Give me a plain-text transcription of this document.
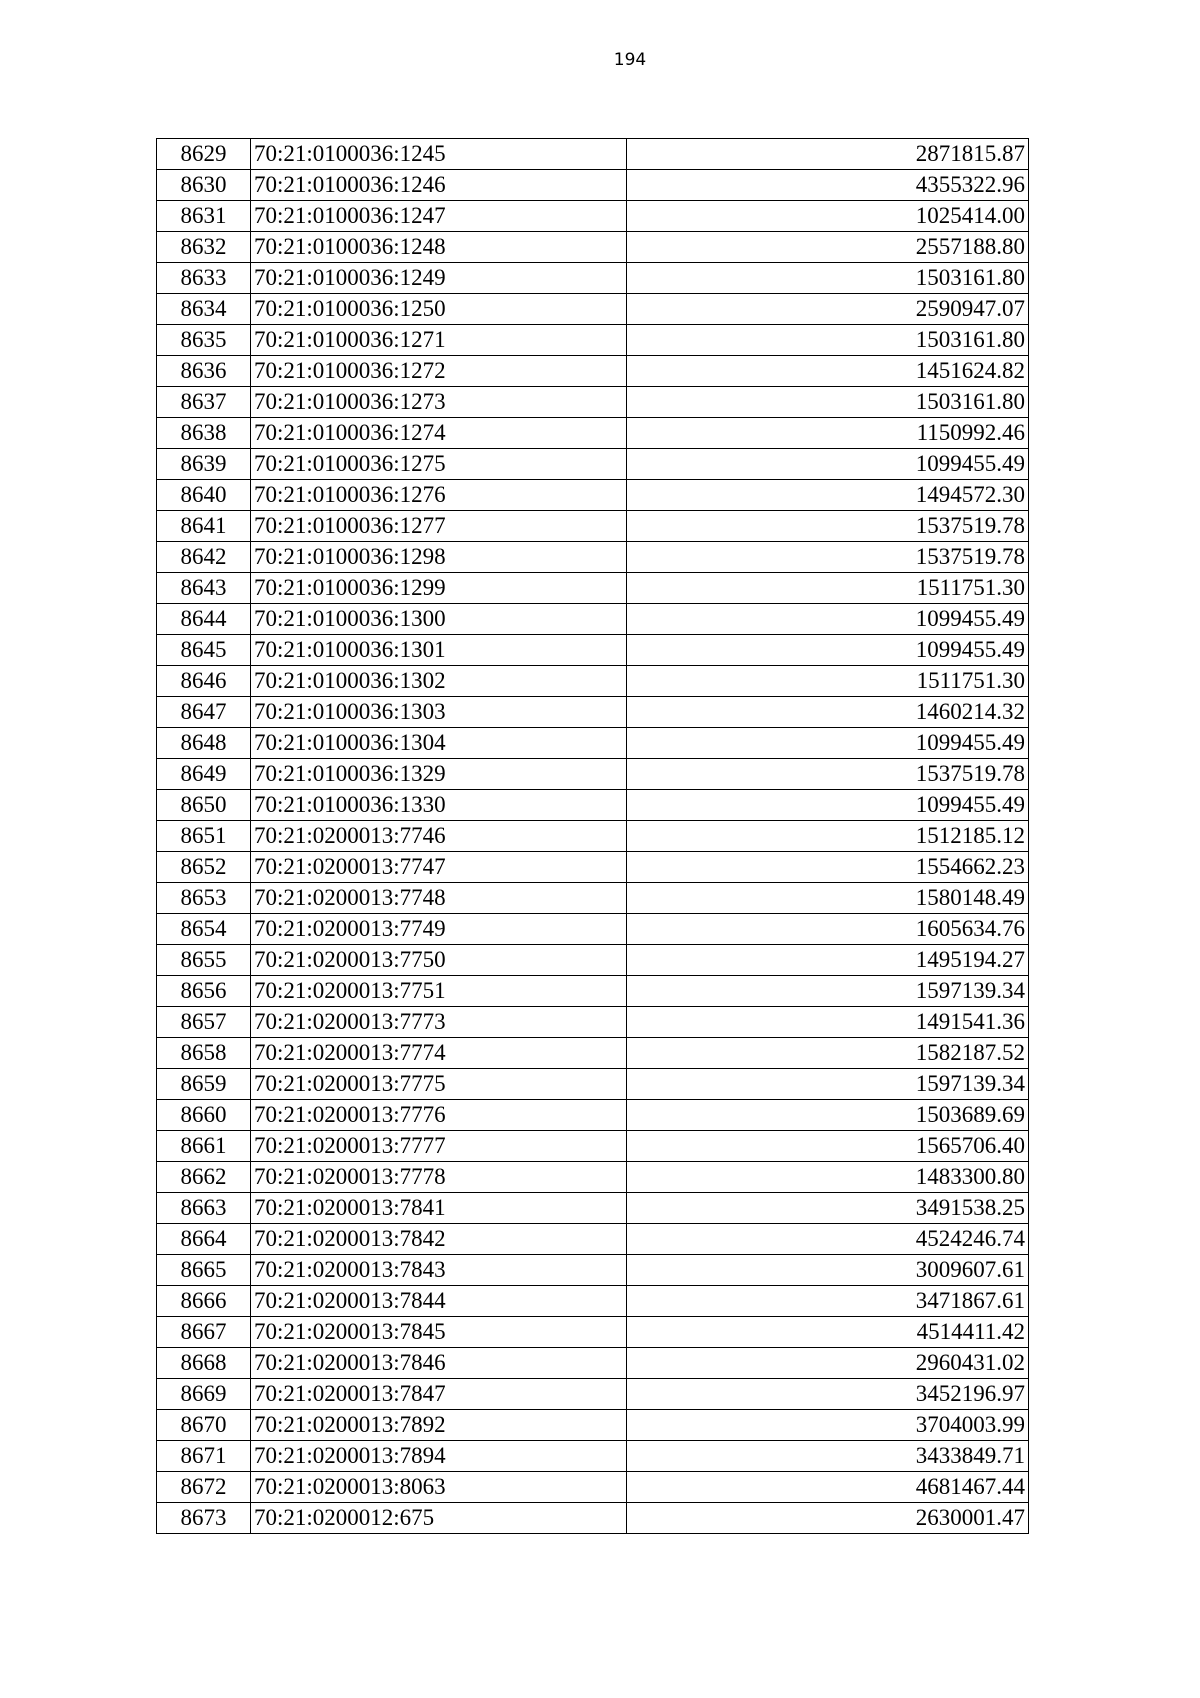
194
8629	70:21:0100036:1245	2871815.87
8630	70:21:0100036:1246	4355322.96
8631	70:21:0100036:1247	1025414.00
8632	70:21:0100036:1248	2557188.80
8633	70:21:0100036:1249	1503161.80
8634	70:21:0100036:1250	2590947.07
8635	70:21:0100036:1271	1503161.80
8636	70:21:0100036:1272	1451624.82
8637	70:21:0100036:1273	1503161.80
8638	70:21:0100036:1274	1150992.46
8639	70:21:0100036:1275	1099455.49
8640	70:21:0100036:1276	1494572.30
8641	70:21:0100036:1277	1537519.78
8642	70:21:0100036:1298	1537519.78
8643	70:21:0100036:1299	1511751.30
8644	70:21:0100036:1300	1099455.49
8645	70:21:0100036:1301	1099455.49
8646	70:21:0100036:1302	1511751.30
8647	70:21:0100036:1303	1460214.32
8648	70:21:0100036:1304	1099455.49
8649	70:21:0100036:1329	1537519.78
8650	70:21:0100036:1330	1099455.49
8651	70:21:0200013:7746	1512185.12
8652	70:21:0200013:7747	1554662.23
8653	70:21:0200013:7748	1580148.49
8654	70:21:0200013:7749	1605634.76
8655	70:21:0200013:7750	1495194.27
8656	70:21:0200013:7751	1597139.34
8657	70:21:0200013:7773	1491541.36
8658	70:21:0200013:7774	1582187.52
8659	70:21:0200013:7775	1597139.34
8660	70:21:0200013:7776	1503689.69
8661	70:21:0200013:7777	1565706.40
8662	70:21:0200013:7778	1483300.80
8663	70:21:0200013:7841	3491538.25
8664	70:21:0200013:7842	4524246.74
8665	70:21:0200013:7843	3009607.61
8666	70:21:0200013:7844	3471867.61
8667	70:21:0200013:7845	4514411.42
8668	70:21:0200013:7846	2960431.02
8669	70:21:0200013:7847	3452196.97
8670	70:21:0200013:7892	3704003.99
8671	70:21:0200013:7894	3433849.71
8672	70:21:0200013:8063	4681467.44
8673	70:21:0200012:675	2630001.47
